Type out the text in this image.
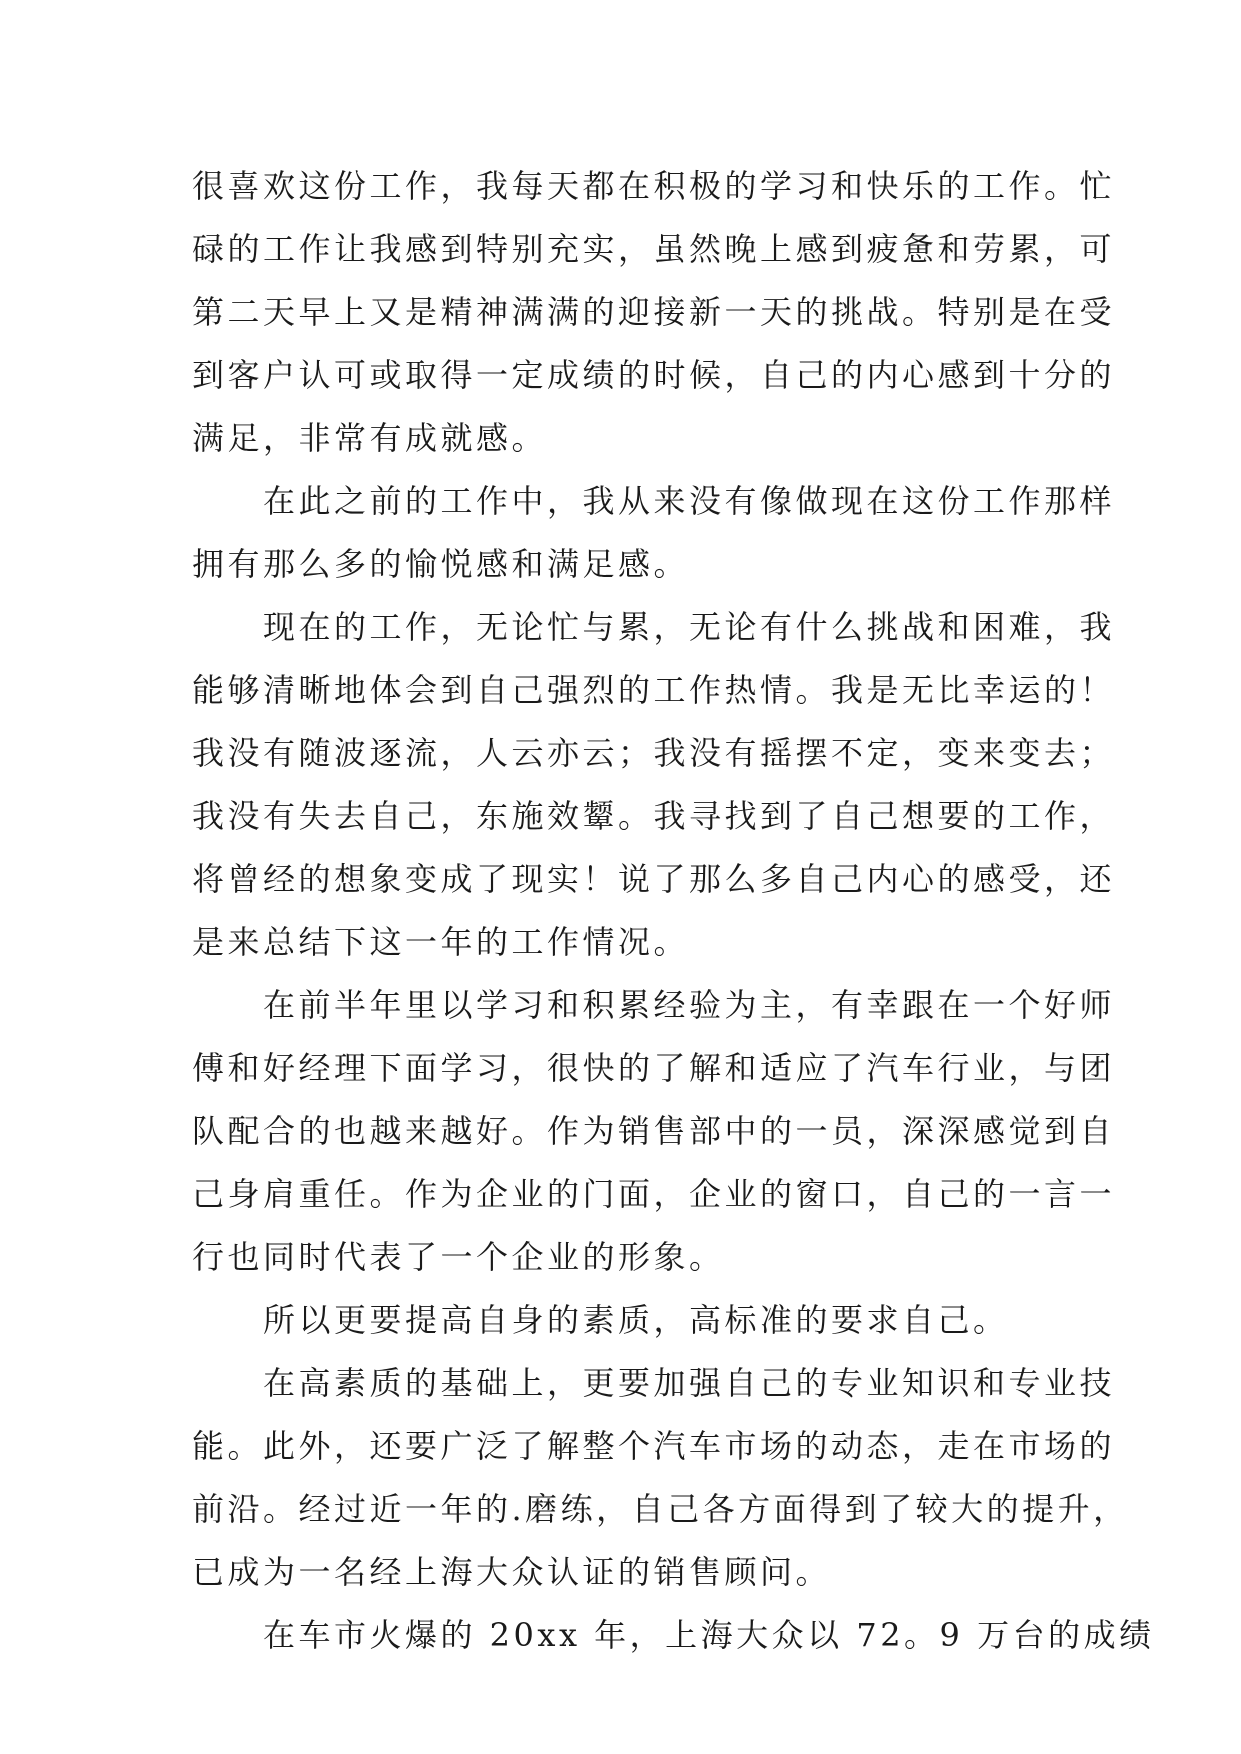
很喜欢这份工作，我每天都在积极的学习和快乐的工作。忙

碌的工作让我感到特别充实，虽然晚上感到疲惫和劳累，可

第二天早上又是精神满满的迎接新一天的挑战。特别是在受

到客户认可或取得一定成绩的时候，自己的内心感到十分的

满足，非常有成就感。

　　在此之前的工作中，我从来没有像做现在这份工作那样

拥有那么多的愉悦感和满足感。

　　现在的工作，无论忙与累，无论有什么挑战和困难，我

能够清晰地体会到自己强烈的工作热情。我是无比幸运的！

我没有随波逐流，人云亦云；我没有摇摆不定，变来变去；

我没有失去自己，东施效颦。我寻找到了自己想要的工作，

将曾经的想象变成了现实！说了那么多自己内心的感受，还

是来总结下这一年的工作情况。

　　在前半年里以学习和积累经验为主，有幸跟在一个好师

傅和好经理下面学习，很快的了解和适应了汽车行业，与团

队配合的也越来越好。作为销售部中的一员，深深感觉到自

己身肩重任。作为企业的门面，企业的窗口，自己的一言一

行也同时代表了一个企业的形象。

　　所以更要提高自身的素质，高标准的要求自己。

　　在高素质的基础上，更要加强自己的专业知识和专业技

能。此外，还要广泛了解整个汽车市场的动态，走在市场的

前沿。经过近一年的.磨练，自己各方面得到了较大的提升，

已成为一名经上海大众认证的销售顾问。

　　在车市火爆的 20xx 年，上海大众以 72。9 万台的成绩
